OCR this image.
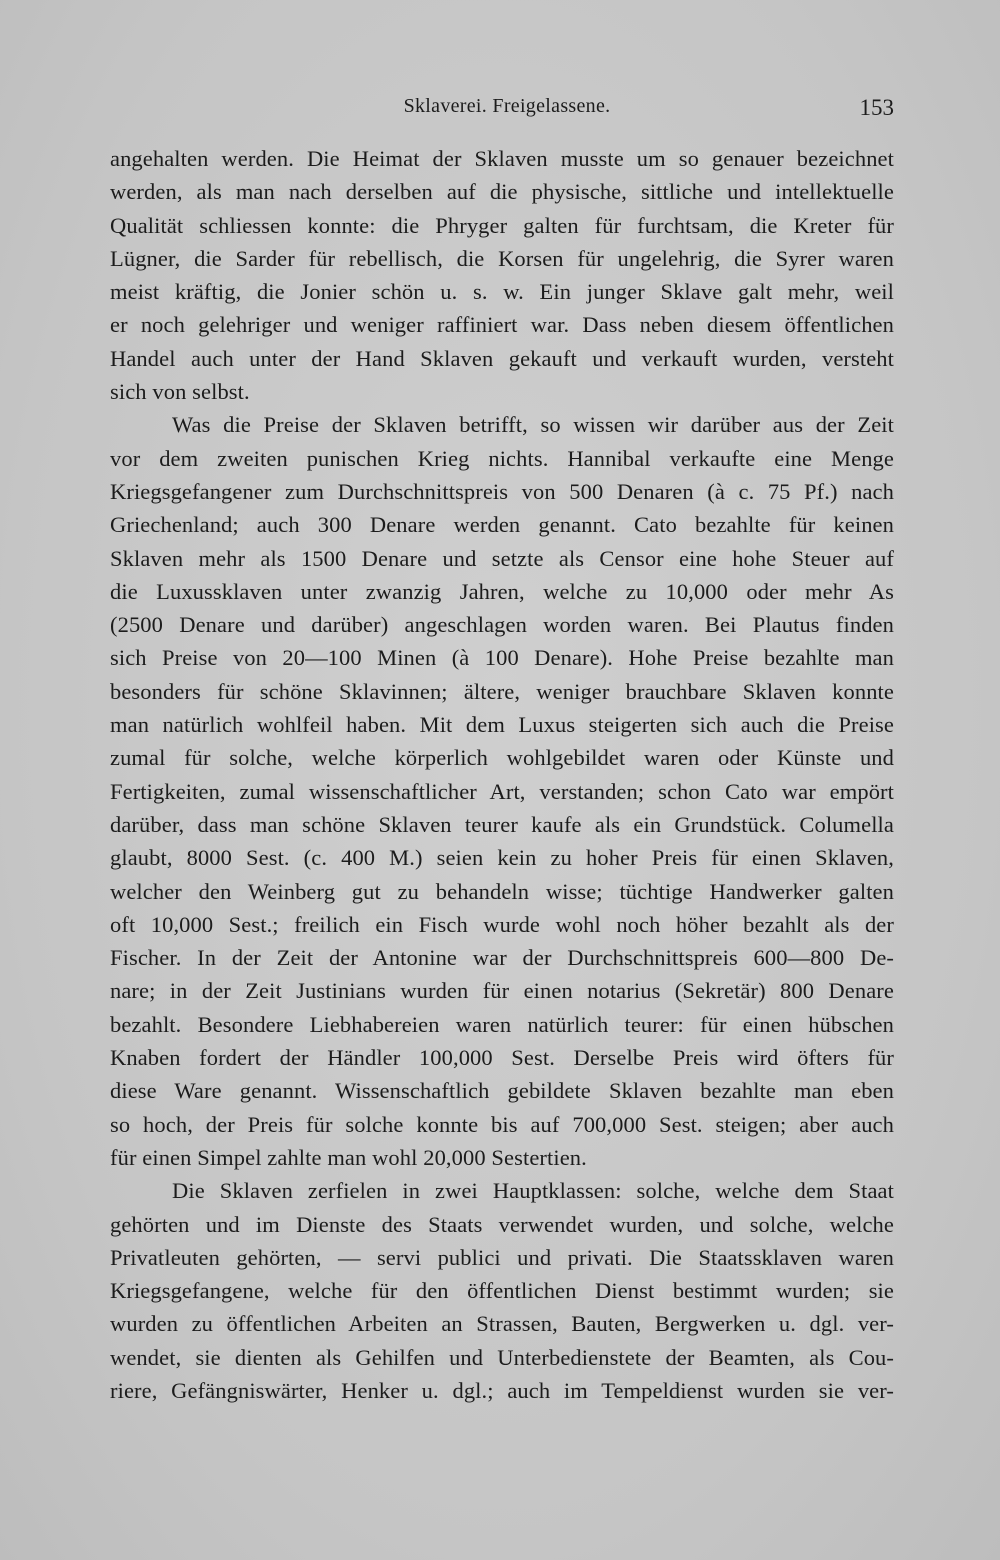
Sklaverei. Freigelassene.	153
angehalten werden. Die Heimat der Sklaven musste um so genauer bezeichnet
werden, als man nach derselben auf die physische, sittliche und intellektuelle
Qualität schliessen konnte: die Phryger galten für furchtsam, die Kreter für
Lügner, die Sarder für rebellisch, die Korsen für ungelehrig, die Syrer waren
meist kräftig, die Jonier schön u. s. w. Ein junger Sklave galt mehr, weil
er noch gelehriger und weniger raffiniert war. Dass neben diesem öffentlichen
Handel auch unter der Hand Sklaven gekauft und verkauft wurden, versteht
sich von selbst.
Was die Preise der Sklaven betrifft, so wissen wir darüber aus der Zeit
vor dem zweiten punischen Krieg nichts. Hannibal verkaufte eine Menge
Kriegsgefangener zum Durchschnittspreis von 500 Denaren (à c. 75 Pf.) nach
Griechenland; auch 300 Denare werden genannt. Cato bezahlte für keinen
Sklaven mehr als 1500 Denare und setzte als Censor eine hohe Steuer auf
die Luxussklaven unter zwanzig Jahren, welche zu 10,000 oder mehr As
(2500 Denare und darüber) angeschlagen worden waren. Bei Plautus finden
sich Preise von 20—100 Minen (à 100 Denare). Hohe Preise bezahlte man
besonders für schöne Sklavinnen; ältere, weniger brauchbare Sklaven konnte
man natürlich wohlfeil haben. Mit dem Luxus steigerten sich auch die Preise
zumal für solche, welche körperlich wohlgebildet waren oder Künste und
Fertigkeiten, zumal wissenschaftlicher Art, verstanden; schon Cato war empört
darüber, dass man schöne Sklaven teurer kaufe als ein Grundstück. Columella
glaubt, 8000 Sest. (c. 400 M.) seien kein zu hoher Preis für einen Sklaven,
welcher den Weinberg gut zu behandeln wisse; tüchtige Handwerker galten
oft 10,000 Sest.; freilich ein Fisch wurde wohl noch höher bezahlt als der
Fischer. In der Zeit der Antonine war der Durchschnittspreis 600—800 De-
nare; in der Zeit Justinians wurden für einen notarius (Sekretär) 800 Denare
bezahlt. Besondere Liebhabereien waren natürlich teurer: für einen hübschen
Knaben fordert der Händler 100,000 Sest. Derselbe Preis wird öfters für
diese Ware genannt. Wissenschaftlich gebildete Sklaven bezahlte man eben
so hoch, der Preis für solche konnte bis auf 700,000 Sest. steigen; aber auch
für einen Simpel zahlte man wohl 20,000 Sestertien.
Die Sklaven zerfielen in zwei Hauptklassen: solche, welche dem Staat
gehörten und im Dienste des Staats verwendet wurden, und solche, welche
Privatleuten gehörten, — servi publici und privati. Die Staatssklaven waren
Kriegsgefangene, welche für den öffentlichen Dienst bestimmt wurden; sie
wurden zu öffentlichen Arbeiten an Strassen, Bauten, Bergwerken u. dgl. ver-
wendet, sie dienten als Gehilfen und Unterbedienstete der Beamten, als Cou-
riere, Gefängniswärter, Henker u. dgl.; auch im Tempeldienst wurden sie ver-
